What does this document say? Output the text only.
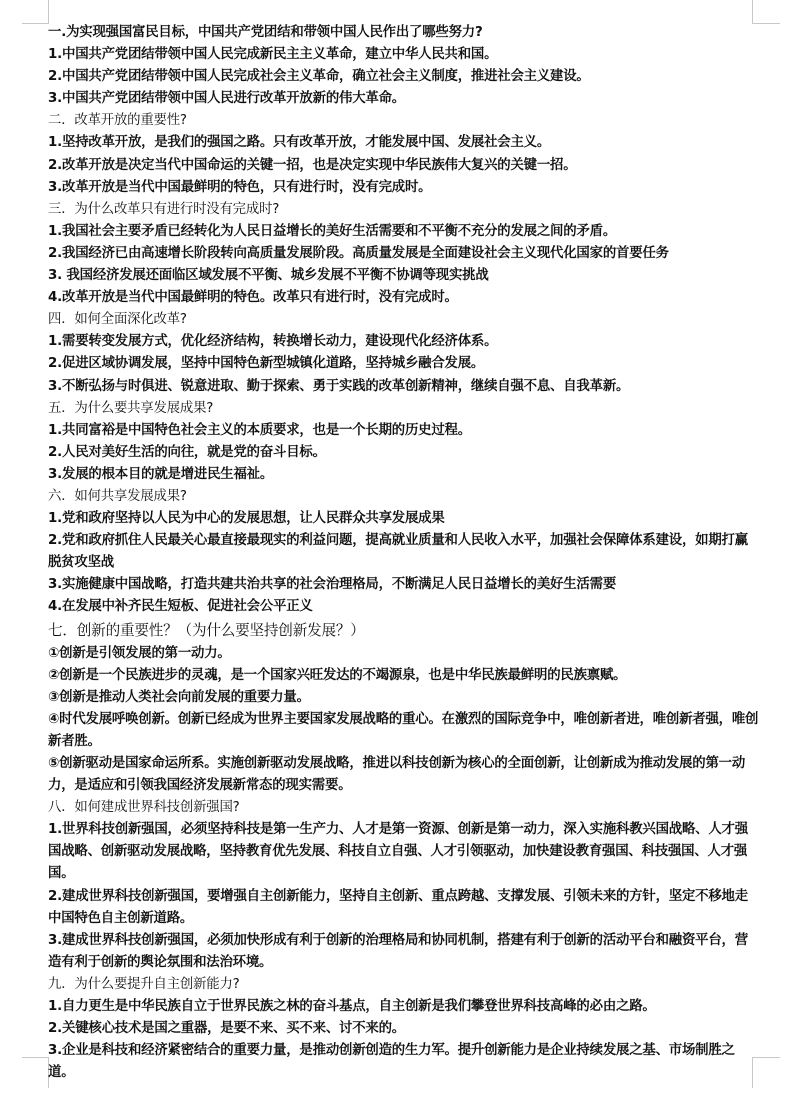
一.为实现强国富民目标，中国共产党团结和带领中国人民作出了哪些努力?

1.中国共产党团结带领中国人民完成新民主主义革命，建立中华人民共和国。

2.中国共产党团结带领中国人民完成社会主义革命，确立社会主义制度，推进社会主义建设。

3.中国共产党团结带领中国人民进行改革开放新的伟大革命。

二．改革开放的重要性?

1.坚持改革开放，是我们的强国之路。只有改革开放，才能发展中国、发展社会主义。

2.改革开放是决定当代中国命运的关键一招，也是决定实现中华民族伟大复兴的关键一招。

3.改革开放是当代中国最鲜明的特色，只有进行时，没有完成时。

三．为什么改革只有进行时没有完成时?

1.我国社会主要矛盾已经转化为人民日益增长的美好生活需要和不平衡不充分的发展之间的矛盾。

2.我国经济已由高速增长阶段转向高质量发展阶段。高质量发展是全面建设社会主义现代化国家的首要任务

3. 我国经济发展还面临区域发展不平衡、城乡发展不平衡不协调等现实挑战

4.改革开放是当代中国最鲜明的特色。改革只有进行时，没有完成时。

四．如何全面深化改革?

1.需要转变发展方式，优化经济结构，转换增长动力，建设现代化经济体系。

2.促进区域协调发展，坚持中国特色新型城镇化道路，坚持城乡融合发展。

3.不断弘扬与时俱进、锐意进取、勤于探索、勇于实践的改革创新精神，继续自强不息、自我革新。

五．为什么要共享发展成果?

1.共同富裕是中国特色社会主义的本质要求，也是一个长期的历史过程。

2.人民对美好生活的向往，就是党的奋斗目标。

3.发展的根本目的就是增进民生福祉。

六．如何共享发展成果?

1.党和政府坚持以人民为中心的发展思想，让人民群众共享发展成果

2.党和政府抓住人民最关心最直接最现实的利益问题，提高就业质量和人民收入水平，加强社会保障体系建设，如期打赢脱贫攻坚战

3.实施健康中国战略，打造共建共治共享的社会治理格局，不断满足人民日益增长的美好生活需要

4.在发展中补齐民生短板、促进社会公平正义

七．创新的重要性？（为什么要坚持创新发展？）

①创新是引领发展的第一动力。

②创新是一个民族进步的灵魂，是一个国家兴旺发达的不竭源泉，也是中华民族最鲜明的民族禀赋。

③创新是推动人类社会向前发展的重要力量。

④时代发展呼唤创新。创新已经成为世界主要国家发展战略的重心。在激烈的国际竞争中，唯创新者进，唯创新者强，唯创新者胜。

⑤创新驱动是国家命运所系。实施创新驱动发展战略，推进以科技创新为核心的全面创新，让创新成为推动发展的第一动力，是适应和引领我国经济发展新常态的现实需要。

八．如何建成世界科技创新强国?

1.世界科技创新强国，必须坚持科技是第一生产力、人才是第一资源、创新是第一动力，深入实施科教兴国战略、人才强国战略、创新驱动发展战略，坚持教育优先发展、科技自立自强、人才引领驱动，加快建设教育强国、科技强国、人才强国。

2.建成世界科技创新强国，要增强自主创新能力，坚持自主创新、重点跨越、支撑发展、引领未来的方针，坚定不移地走中国特色自主创新道路。

3.建成世界科技创新强国，必须加快形成有利于创新的治理格局和协同机制，搭建有利于创新的活动平台和融资平台，营造有利于创新的舆论氛围和法治环境。

九．为什么要提升自主创新能力?

1.自力更生是中华民族自立于世界民族之林的奋斗基点，自主创新是我们攀登世界科技高峰的必由之路。

2.关键核心技术是国之重器，是要不来、买不来、讨不来的。

3.企业是科技和经济紧密结合的重要力量，是推动创新创造的生力军。提升创新能力是企业持续发展之基、市场制胜之道。
